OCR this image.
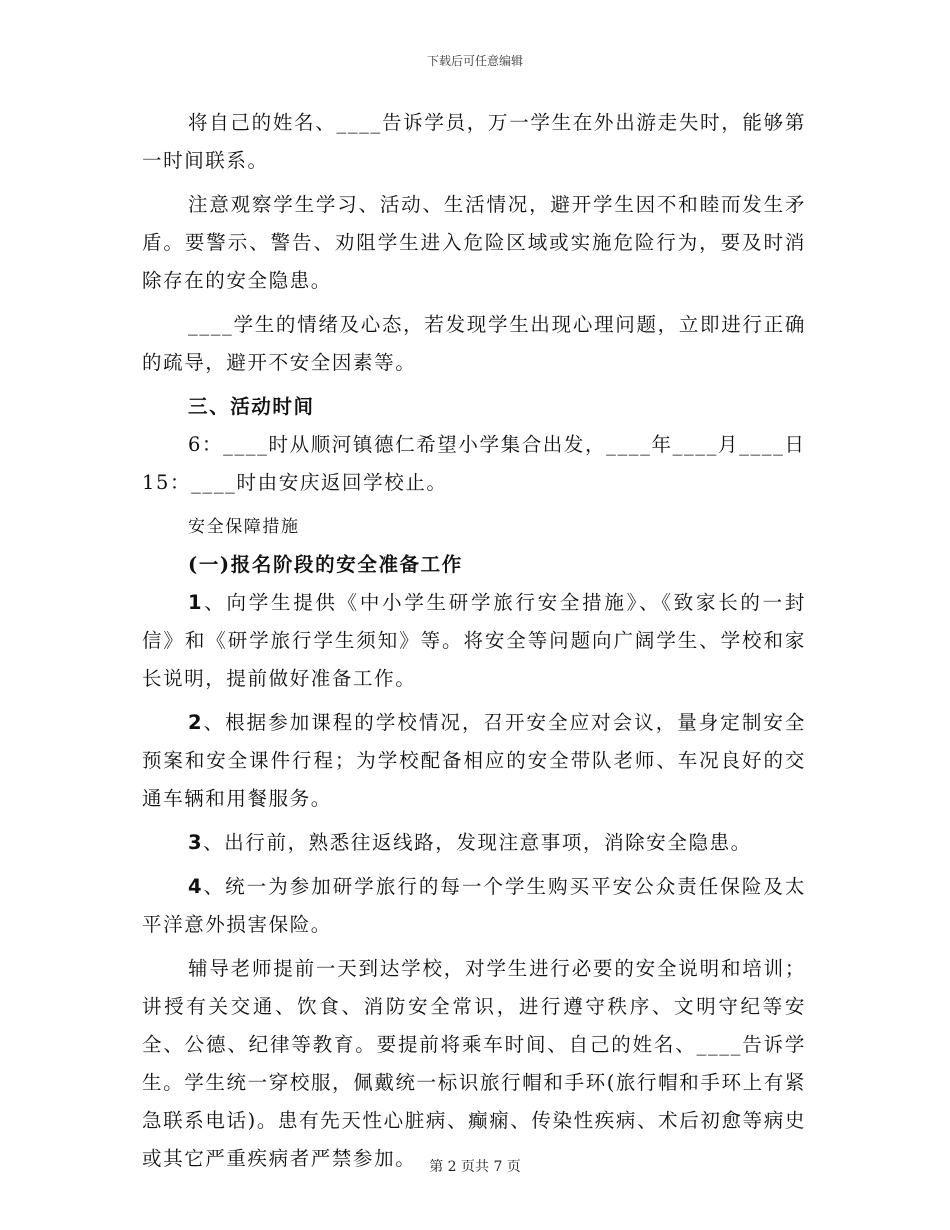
下载后可任意编辑

将自己的姓名、____告诉学员，万一学生在外出游走失时，能够第一时间联系。

注意观察学生学习、活动、生活情况，避开学生因不和睦而发生矛盾。要警示、警告、劝阻学生进入危险区域或实施危险行为，要及时消除存在的安全隐患。

____学生的情绪及心态，若发现学生出现心理问题，立即进行正确的疏导，避开不安全因素等。

三、活动时间

6：____时从顺河镇德仁希望小学集合出发，____年____月____日

15：____时由安庆返回学校止。

安全保障措施

(一)报名阶段的安全准备工作

1、向学生提供《中小学生研学旅行安全措施》、《致家长的一封信》和《研学旅行学生须知》等。将安全等问题向广阔学生、学校和家长说明，提前做好准备工作。

2、根据参加课程的学校情况，召开安全应对会议，量身定制安全预案和安全课件行程；为学校配备相应的安全带队老师、车况良好的交通车辆和用餐服务。

3、出行前，熟悉往返线路，发现注意事项，消除安全隐患。

4、统一为参加研学旅行的每一个学生购买平安公众责任保险及太平洋意外损害保险。

辅导老师提前一天到达学校，对学生进行必要的安全说明和培训；讲授有关交通、饮食、消防安全常识，进行遵守秩序、文明守纪等安全、公德、纪律等教育。要提前将乘车时间、自己的姓名、____告诉学生。学生统一穿校服，佩戴统一标识旅行帽和手环(旅行帽和手环上有紧急联系电话)。患有先天性心脏病、癫痫、传染性疾病、术后初愈等病史或其它严重疾病者严禁参加。 第 2 页共 7 页
